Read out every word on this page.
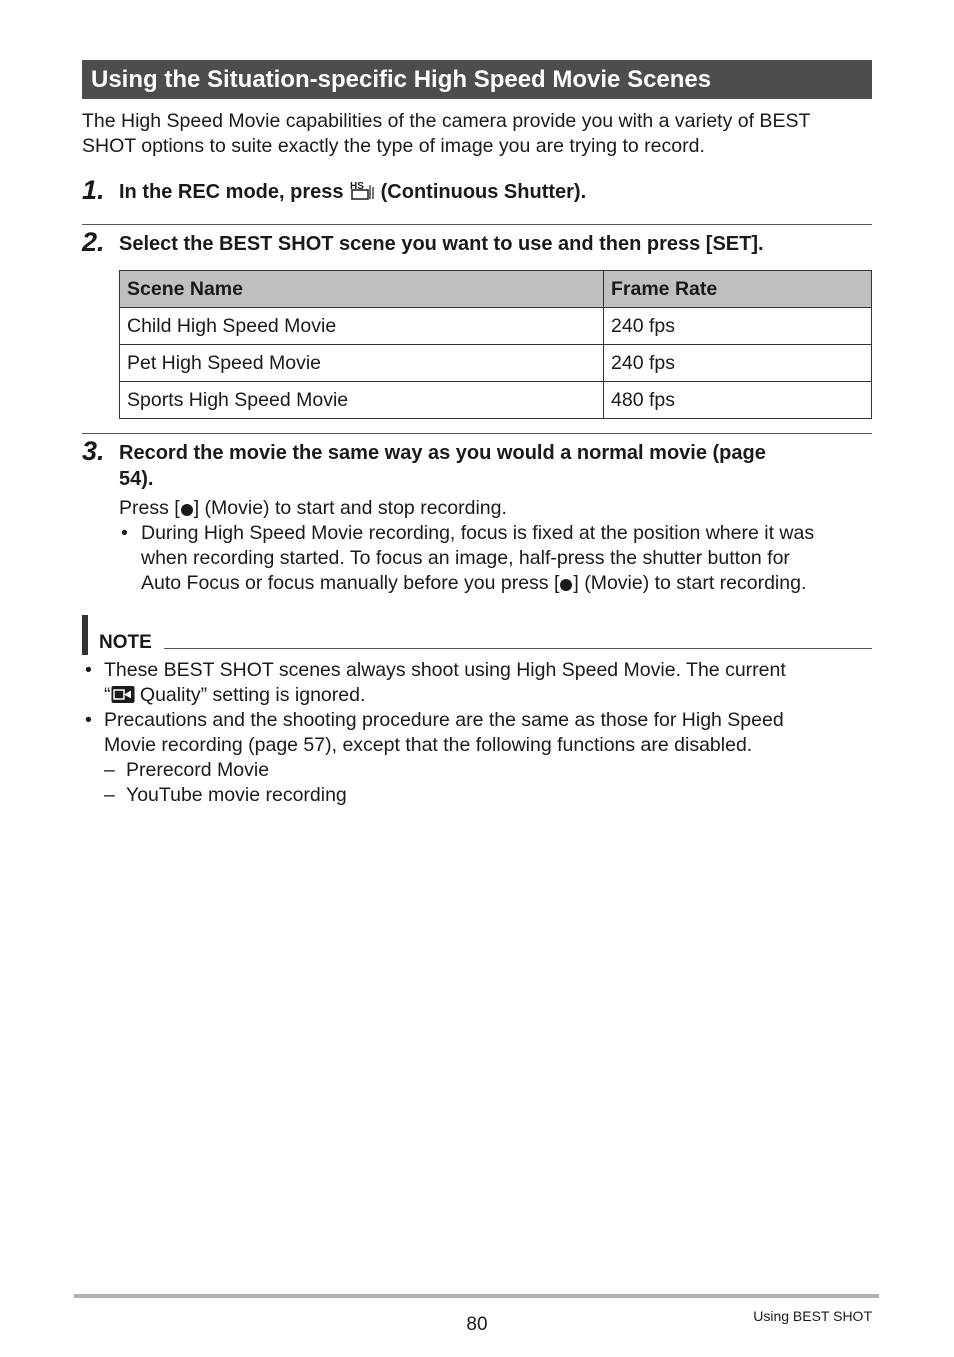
Using the Situation-specific High Speed Movie Scenes
The High Speed Movie capabilities of the camera provide you with a variety of BEST
SHOT options to suite exactly the type of image you are trying to record.
1. In the REC mode, press HS (Continuous Shutter).
2. Select the BEST SHOT scene you want to use and then press [SET].
Scene Name	Frame Rate
Child High Speed Movie	240 fps
Pet High Speed Movie	240 fps
Sports High Speed Movie	480 fps
3. Record the movie the same way as you would a normal movie (page
54).
Press [ ] (Movie) to start and stop recording.
• During High Speed Movie recording, focus is fixed at the position where it was
when recording started. To focus an image, half-press the shutter button for
Auto Focus or focus manually before you press [ ] (Movie) to start recording.
NOTE
• These BEST SHOT scenes always shoot using High Speed Movie. The current
“ Quality” setting is ignored.
• Precautions and the shooting procedure are the same as those for High Speed
Movie recording (page 57), except that the following functions are disabled.
– Prerecord Movie
– YouTube movie recording
80	Using BEST SHOT
